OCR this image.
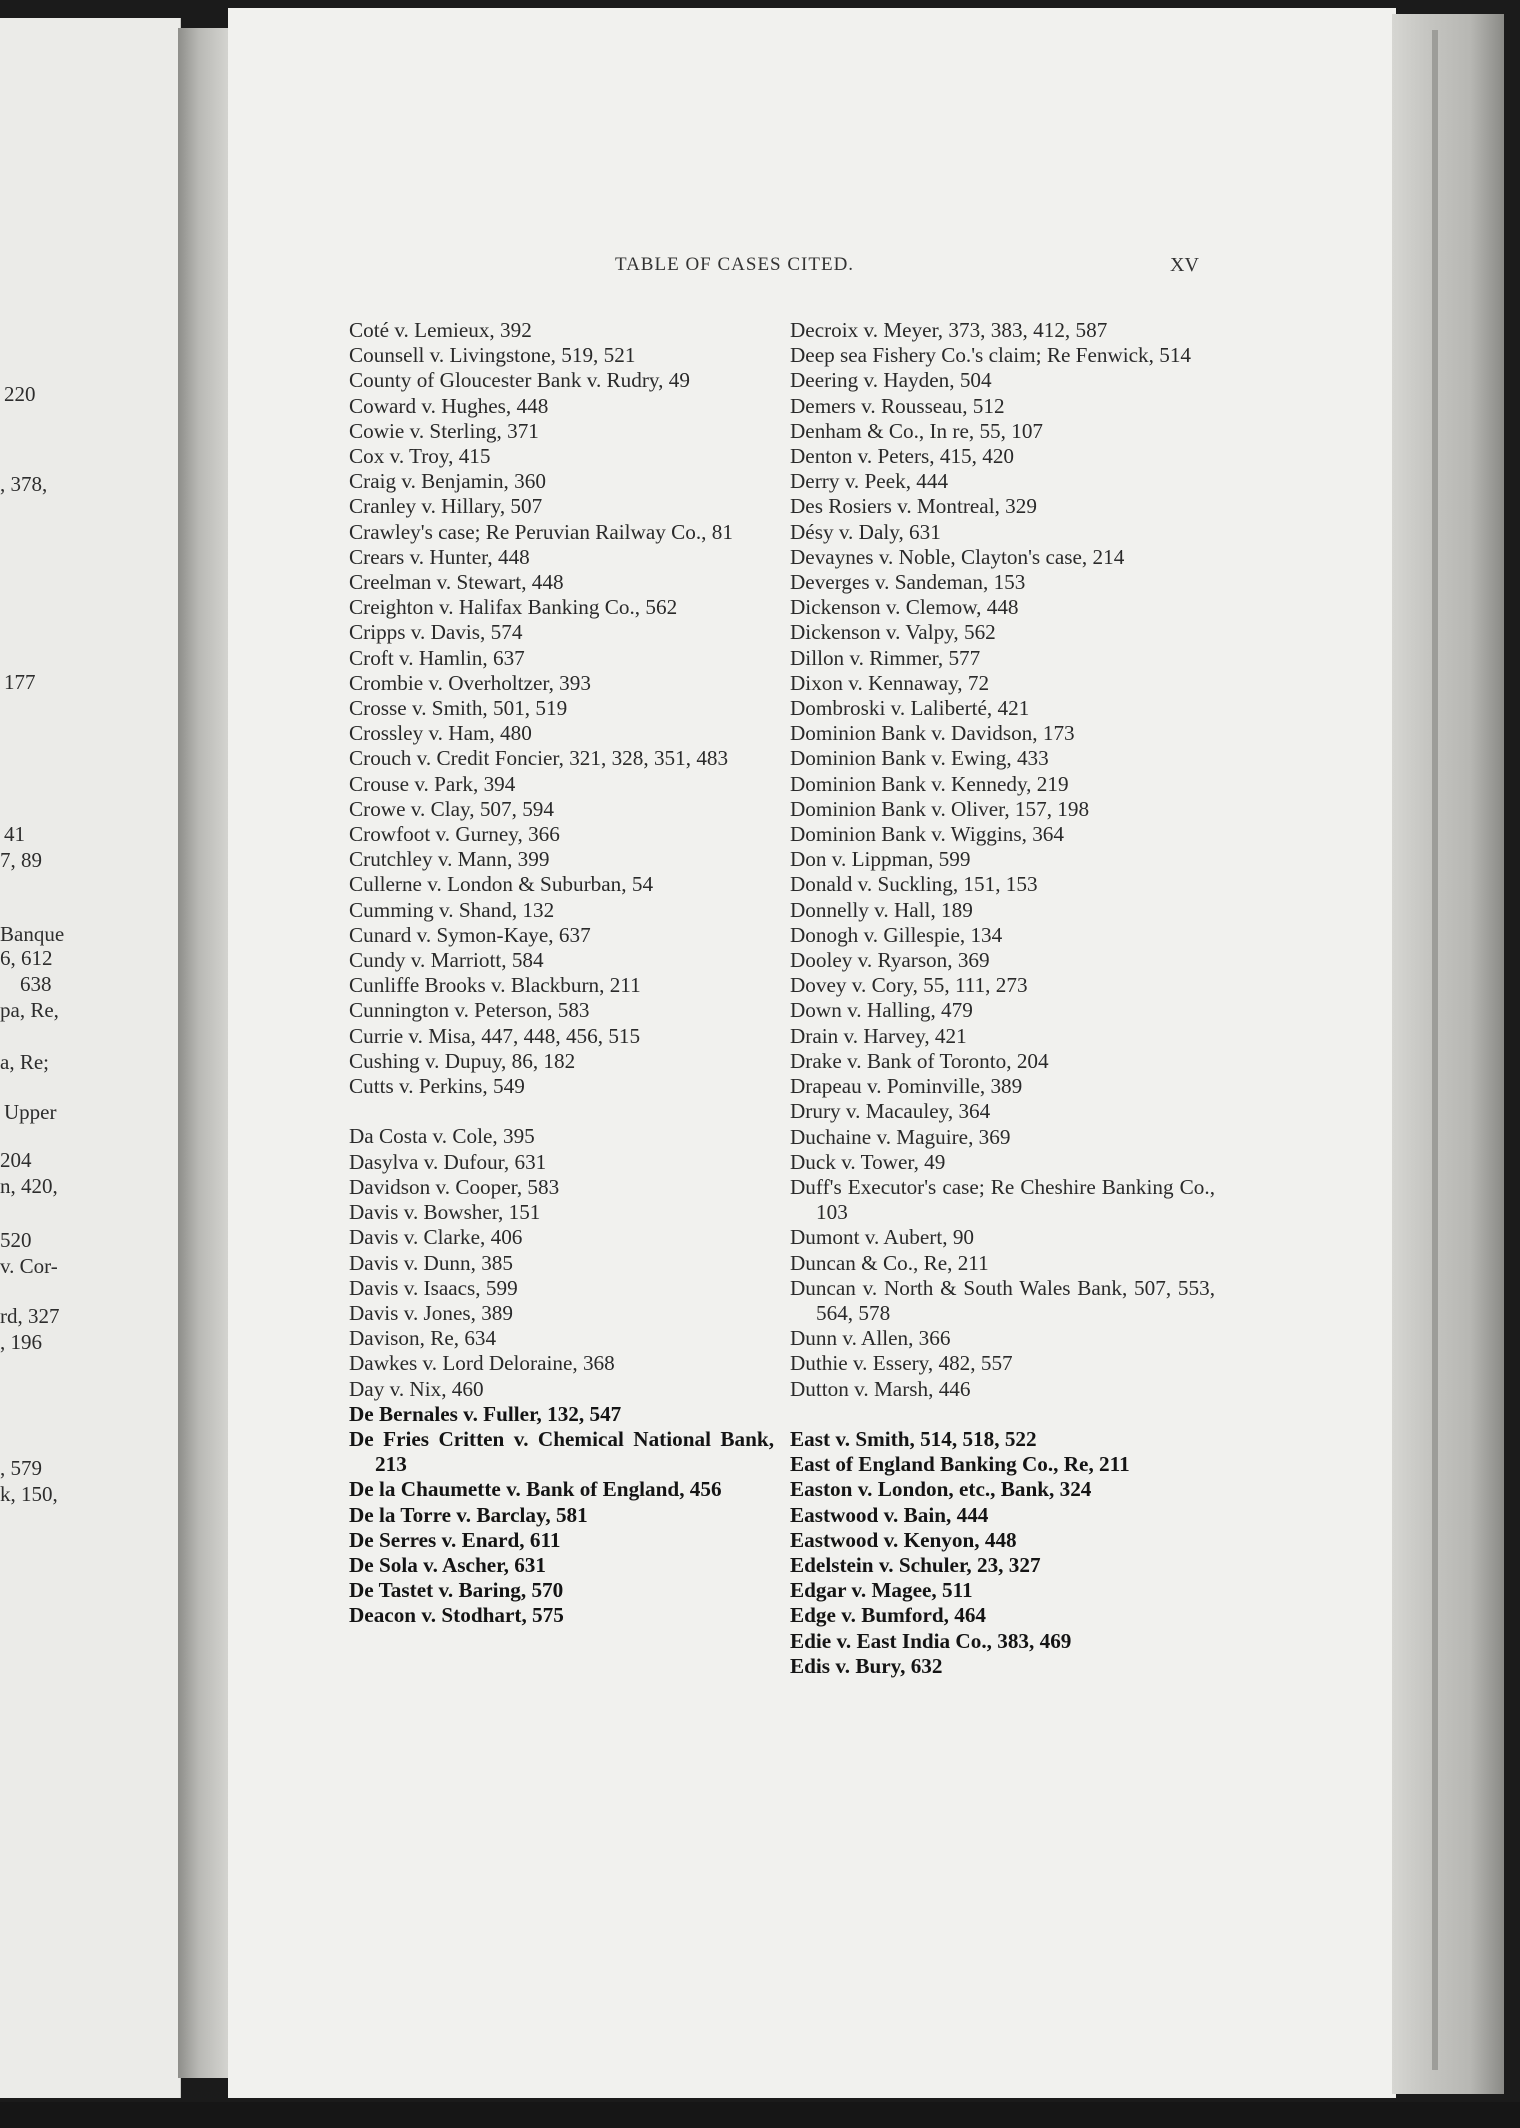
220
, 378,
177
41
7, 89
Banque
6, 612
638
pa, Re,
a, Re;
Upper
204
n, 420,
520
v. Cor-
rd, 327
, 196
, 579
k, 150,
TABLE OF CASES CITED.	XV
Coté v. Lemieux, 392
Counsell v. Livingstone, 519, 521
County of Gloucester Bank v. Rudry, 49
Coward v. Hughes, 448
Cowie v. Sterling, 371
Cox v. Troy, 415
Craig v. Benjamin, 360
Cranley v. Hillary, 507
Crawley's case; Re Peruvian Railway Co., 81
Crears v. Hunter, 448
Creelman v. Stewart, 448
Creighton v. Halifax Banking Co., 562
Cripps v. Davis, 574
Croft v. Hamlin, 637
Crombie v. Overholtzer, 393
Crosse v. Smith, 501, 519
Crossley v. Ham, 480
Crouch v. Credit Foncier, 321, 328, 351, 483
Crouse v. Park, 394
Crowe v. Clay, 507, 594
Crowfoot v. Gurney, 366
Crutchley v. Mann, 399
Cullerne v. London & Suburban, 54
Cumming v. Shand, 132
Cunard v. Symon-Kaye, 637
Cundy v. Marriott, 584
Cunliffe Brooks v. Blackburn, 211
Cunnington v. Peterson, 583
Currie v. Misa, 447, 448, 456, 515
Cushing v. Dupuy, 86, 182
Cutts v. Perkins, 549
Da Costa v. Cole, 395
Dasylva v. Dufour, 631
Davidson v. Cooper, 583
Davis v. Bowsher, 151
Davis v. Clarke, 406
Davis v. Dunn, 385
Davis v. Isaacs, 599
Davis v. Jones, 389
Davison, Re, 634
Dawkes v. Lord Deloraine, 368
Day v. Nix, 460
De Bernales v. Fuller, 132, 547
De Fries Critten v. Chemical National Bank, 213
De la Chaumette v. Bank of England, 456
De la Torre v. Barclay, 581
De Serres v. Enard, 611
De Sola v. Ascher, 631
De Tastet v. Baring, 570
Deacon v. Stodhart, 575
Decroix v. Meyer, 373, 383, 412, 587
Deep sea Fishery Co.'s claim; Re Fenwick, 514
Deering v. Hayden, 504
Demers v. Rousseau, 512
Denham & Co., In re, 55, 107
Denton v. Peters, 415, 420
Derry v. Peek, 444
Des Rosiers v. Montreal, 329
Désy v. Daly, 631
Devaynes v. Noble, Clayton's case, 214
Deverges v. Sandeman, 153
Dickenson v. Clemow, 448
Dickenson v. Valpy, 562
Dillon v. Rimmer, 577
Dixon v. Kennaway, 72
Dombroski v. Laliberté, 421
Dominion Bank v. Davidson, 173
Dominion Bank v. Ewing, 433
Dominion Bank v. Kennedy, 219
Dominion Bank v. Oliver, 157, 198
Dominion Bank v. Wiggins, 364
Don v. Lippman, 599
Donald v. Suckling, 151, 153
Donnelly v. Hall, 189
Donogh v. Gillespie, 134
Dooley v. Ryarson, 369
Dovey v. Cory, 55, 111, 273
Down v. Halling, 479
Drain v. Harvey, 421
Drake v. Bank of Toronto, 204
Drapeau v. Pominville, 389
Drury v. Macauley, 364
Duchaine v. Maguire, 369
Duck v. Tower, 49
Duff's Executor's case; Re Cheshire Banking Co., 103
Dumont v. Aubert, 90
Duncan & Co., Re, 211
Duncan v. North & South Wales Bank, 507, 553, 564, 578
Dunn v. Allen, 366
Duthie v. Essery, 482, 557
Dutton v. Marsh, 446
East v. Smith, 514, 518, 522
East of England Banking Co., Re, 211
Easton v. London, etc., Bank, 324
Eastwood v. Bain, 444
Eastwood v. Kenyon, 448
Edelstein v. Schuler, 23, 327
Edgar v. Magee, 511
Edge v. Bumford, 464
Edie v. East India Co., 383, 469
Edis v. Bury, 632
